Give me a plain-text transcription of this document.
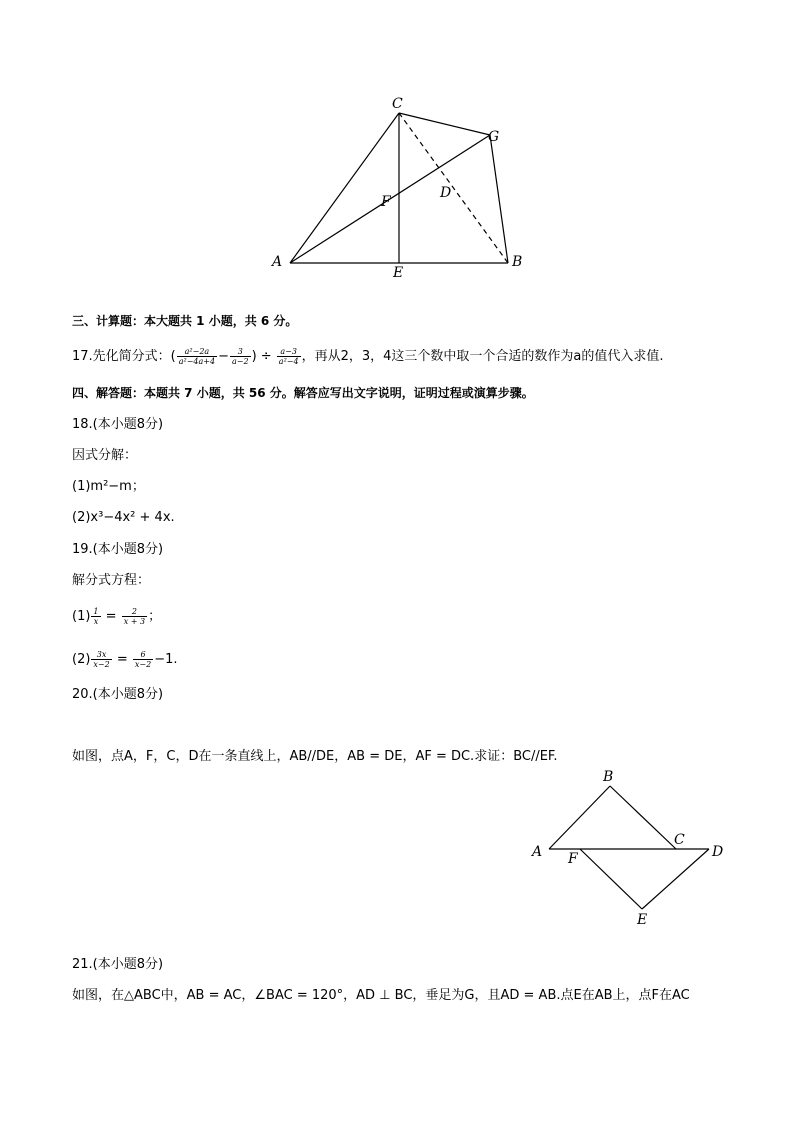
C
G
F
D
A
E
B
三、计算题：本大题共 1 小题，共 6 分。
17.先化简分式：( $\frac{\text{a²−2a}}{\text{a²−4a+4}} - \frac{3}{a-2}$ ) ÷ $\frac{a-3}{\text{a²−4}}$ ，再从2，3，4这三个数中取一个合适的数作为a的值代入求值.
四、解答题：本题共 7 小题，共 56 分。解答应写出文字说明，证明过程或演算步骤。
18.(本小题8分)
因式分解：
(1)m²−m；
(2)x³−4x² + 4x.
19.(本小题8分)
解分式方程：
$(1) \frac{1}{x} = \frac{2}{x + 3}$ ；
$(2) \frac{3x}{x-2} = \frac{6}{x-2} -1$.
20.(本小题8分)
如图，点A，F，C，D在一条直线上，AB//DE，AB = DE，AF = DC.求证：BC//EF.
B
A F
C
D
E
21.(本小题8分)
如图，在△ABC中，AB = AC，∠BAC = 120°，AD ⊥ BC，垂足为G，且AD = AB.点E在AB上，点F在AC
